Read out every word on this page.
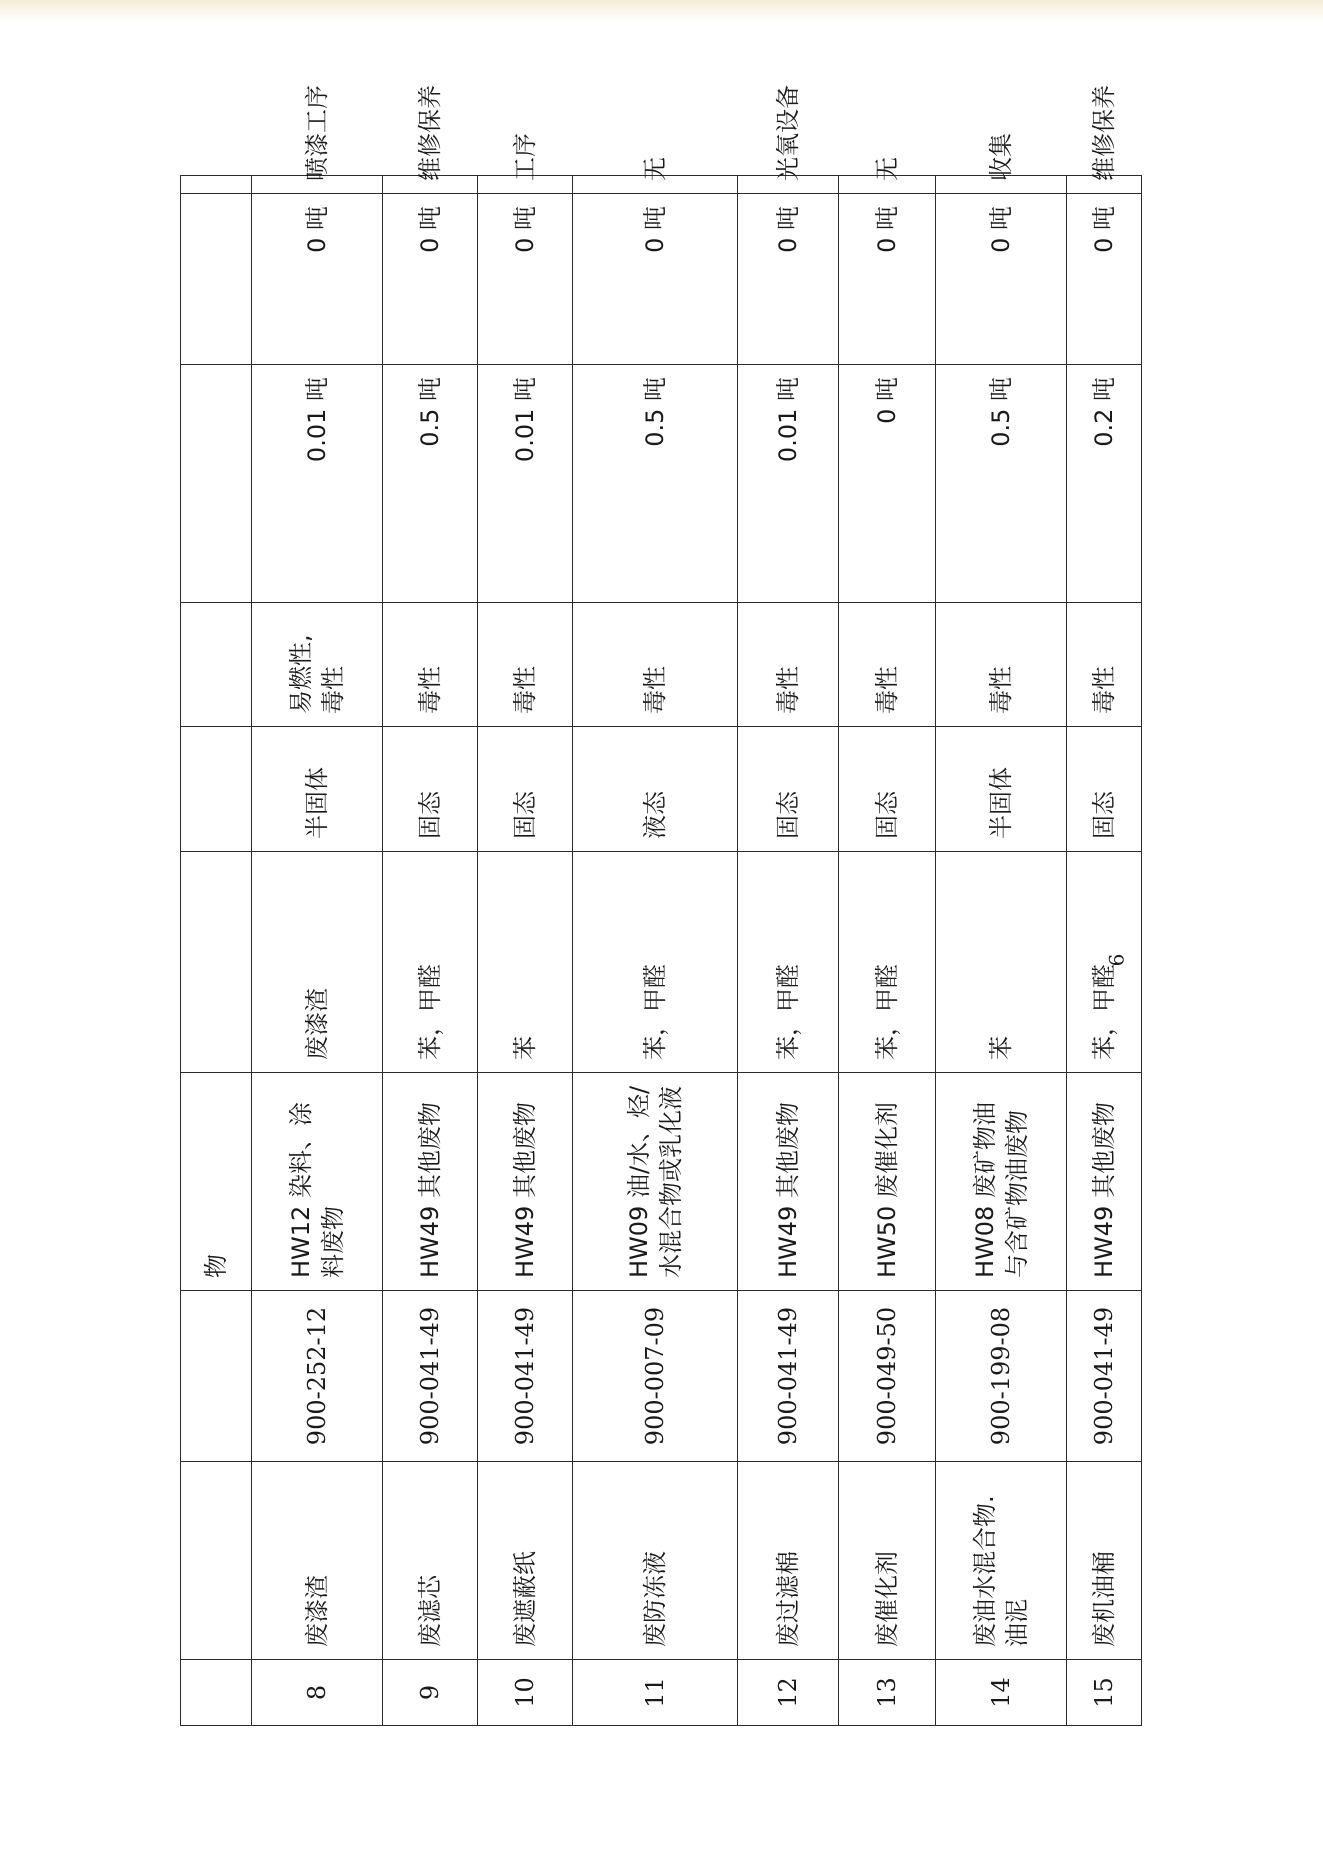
			物						
8	废漆渣	900-252-12	HW12 染料、涂料废物	废漆渣	半固体	易燃性,毒性	0.01 吨	0 吨	喷漆工序
9	废滤芯	900-041-49	HW49 其他废物	苯，甲醛	固态	毒性	0.5 吨	0 吨	维修保养
10	废遮蔽纸	900-041-49	HW49 其他废物	苯	固态	毒性	0.01 吨	0 吨	工序
11	废防冻液	900-007-09	HW09 油/水、烃/水混合物或乳化液	苯，甲醛	液态	毒性	0.5 吨	0 吨	无
12	废过滤棉	900-041-49	HW49 其他废物	苯，甲醛	固态	毒性	0.01 吨	0 吨	光氧设备
13	废催化剂	900-049-50	HW50 废催化剂	苯，甲醛	固态	毒性	0 吨	0 吨	无
14	废油水混合物.油泥	900-199-08	HW08 废矿物油与含矿物油废物	苯	半固体	毒性	0.5 吨	0 吨	收集
15	废机油桶	900-041-49	HW49 其他废物	苯，甲醛	固态	毒性	0.2 吨	0 吨	维修保养
6
